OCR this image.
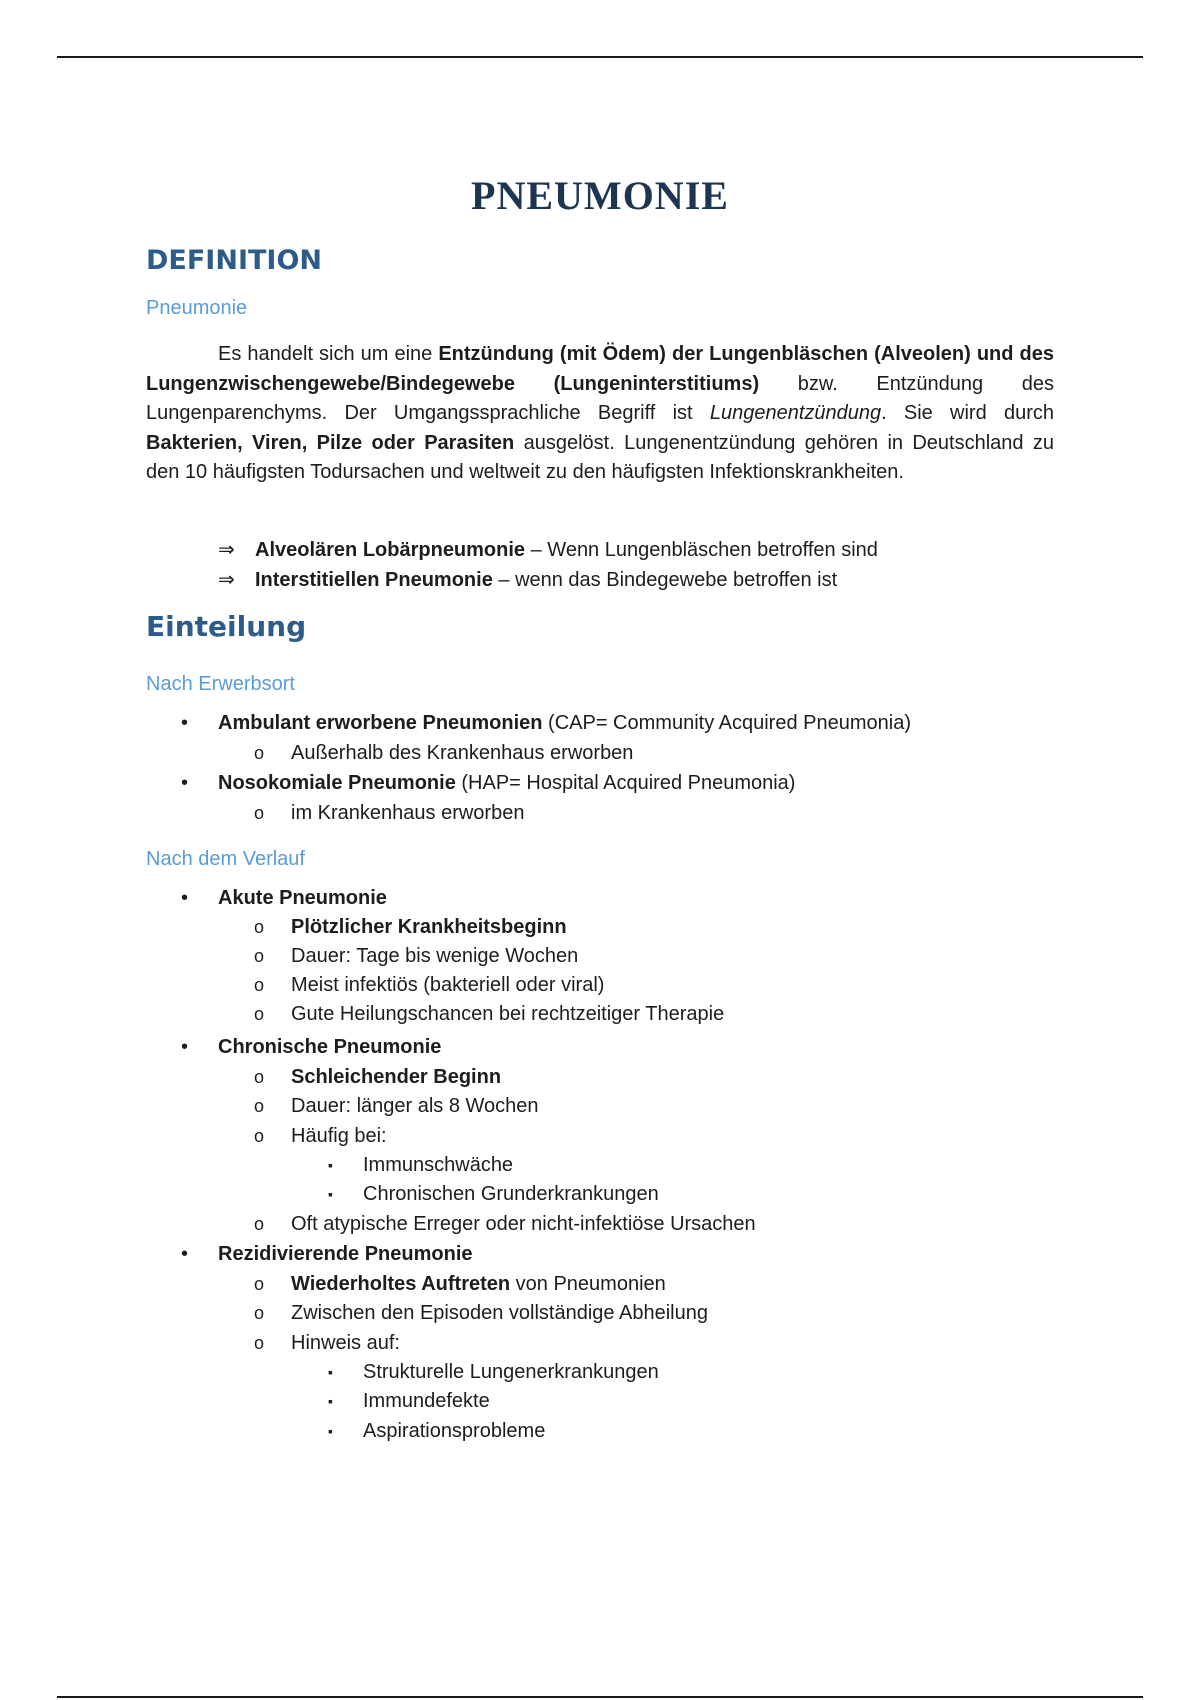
PNEUMONIE
DEFINITION
Pneumonie

Es handelt sich um eine Entzündung (mit Ödem) der Lungenbläschen (Alveolen) und des Lungenzwischengewebe/Bindegewebe (Lungeninterstitiums) bzw. Entzündung des Lungenparenchyms. Der Umgangssprachliche Begriff ist Lungenentzündung. Sie wird durch Bakterien, Viren, Pilze oder Parasiten ausgelöst. Lungenentzündung gehören in Deutschland zu den 10 häufigsten Todursachen und weltweit zu den häufigsten Infektionskrankheiten.

⇒ Alveolären Lobärpneumonie – Wenn Lungenbläschen betroffen sind
⇒ Interstitiellen Pneumonie – wenn das Bindegewebe betroffen ist
Einteilung
Nach Erwerbsort
• Ambulant erworbene Pneumonien (CAP= Community Acquired Pneumonia)
o Außerhalb des Krankenhaus erworben
• Nosokomiale Pneumonie (HAP= Hospital Acquired Pneumonia)
o im Krankenhaus erworben
Nach dem Verlauf
• Akute Pneumonie
o Plötzlicher Krankheitsbeginn
o Dauer: Tage bis wenige Wochen
o Meist infektiös (bakteriell oder viral)
o Gute Heilungschancen bei rechtzeitiger Therapie
• Chronische Pneumonie
o Schleichender Beginn
o Dauer: länger als 8 Wochen
o Häufig bei:
▪ Immunschwäche
▪ Chronischen Grunderkrankungen
o Oft atypische Erreger oder nicht-infektiöse Ursachen
• Rezidivierende Pneumonie
o Wiederholtes Auftreten von Pneumonien
o Zwischen den Episoden vollständige Abheilung
o Hinweis auf:
▪ Strukturelle Lungenerkrankungen
▪ Immundefekte
▪ Aspirationsprobleme
